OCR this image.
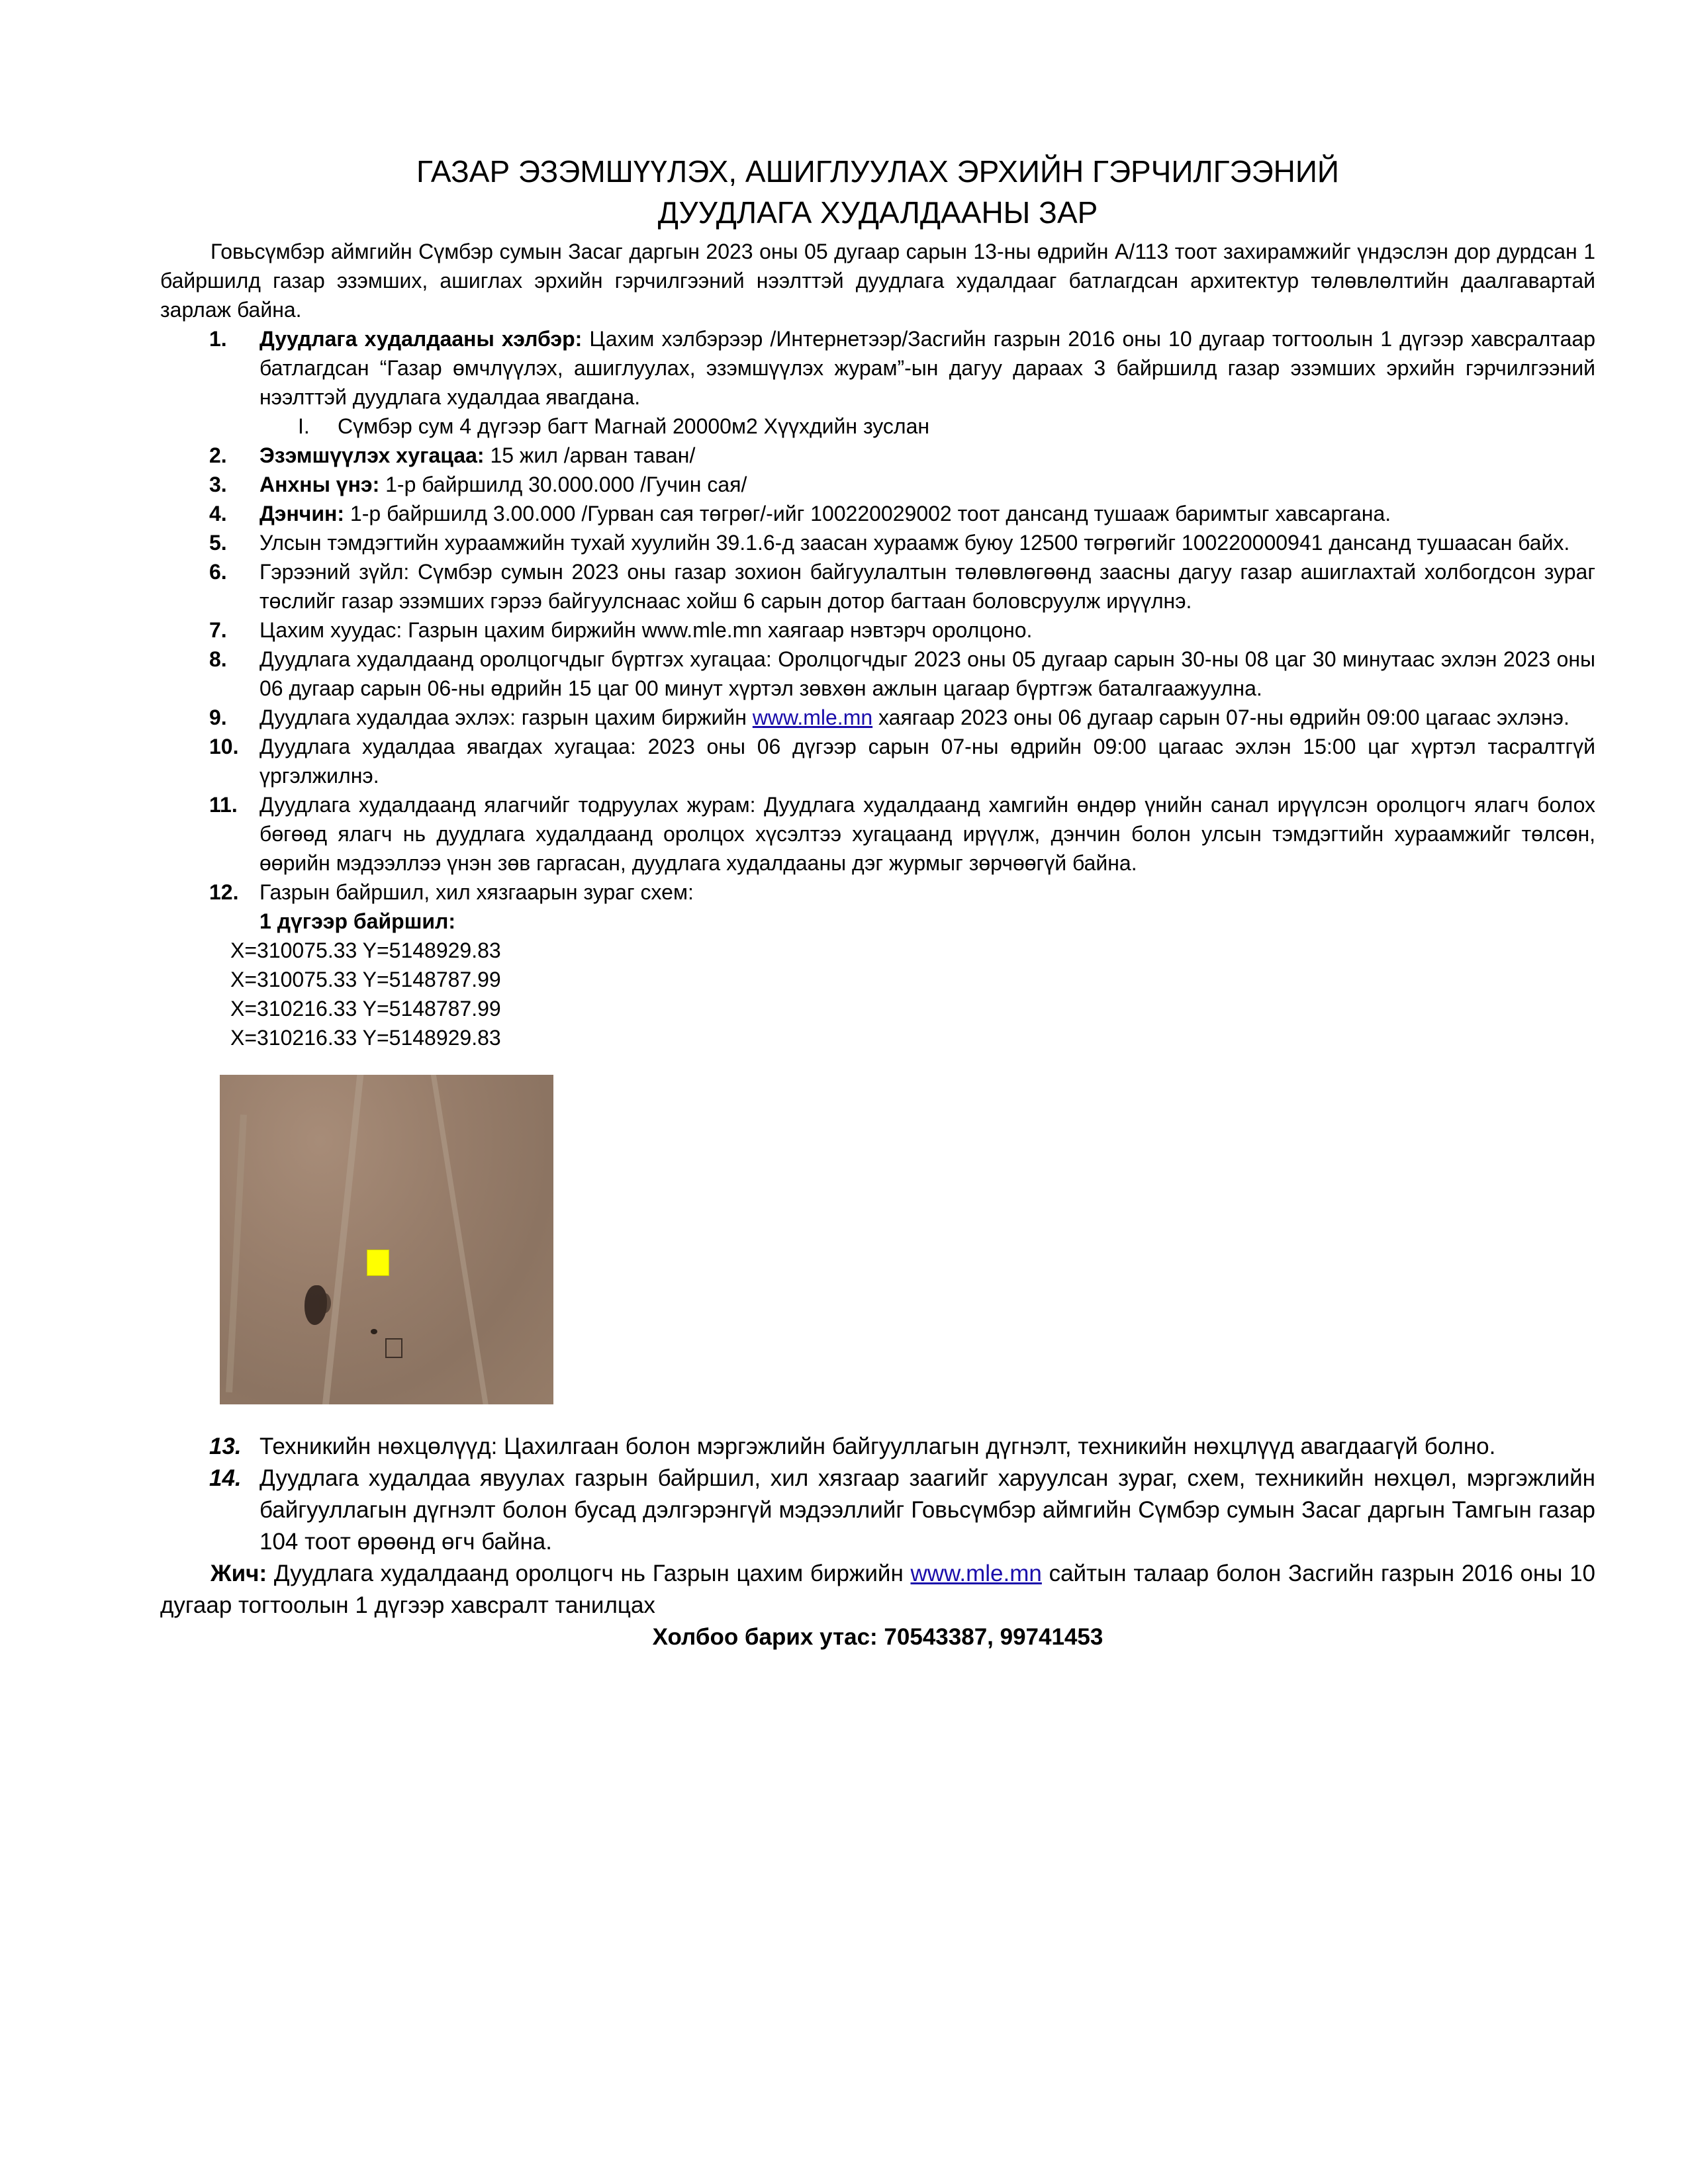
ГАЗАР ЭЗЭМШҮҮЛЭХ, АШИГЛУУЛАХ ЭРХИЙН ГЭРЧИЛГЭЭНИЙ
ДУУДЛАГА ХУДАЛДААНЫ ЗАР

Говьсүмбэр аймгийн Сүмбэр сумын Засаг даргын 2023 оны 05 дугаар сарын 13-ны өдрийн А/113 тоот захирамжийг үндэслэн дор дурдсан 1 байршилд газар эзэмших, ашиглах эрхийн гэрчилгээний нээлттэй дуудлага худалдааг батлагдсан архитектур төлөвлөлтийн даалгавартай зарлаж байна.

1. Дуудлага худалдааны хэлбэр: Цахим хэлбэрээр /Интернетээр/Засгийн газрын 2016 оны 10 дугаар тогтоолын 1 дүгээр хавсралтаар батлагдсан “Газар өмчлүүлэх, ашиглуулах, эзэмшүүлэх журам”-ын дагуу дараах 3 байршилд газар эзэмших эрхийн гэрчилгээний нээлттэй дуудлага худалдаа явагдана.
I. Сүмбэр сум 4 дүгээр багт Магнай 20000м2 Хүүхдийн зуслан
2. Эзэмшүүлэх хугацаа: 15 жил /арван таван/
3. Анхны үнэ: 1-р байршилд 30.000.000 /Гучин сая/
4. Дэнчин: 1-р байршилд 3.00.000 /Гурван сая төгрөг/-ийг 100220029002 тоот дансанд тушааж баримтыг хавсаргана.
5. Улсын тэмдэгтийн хураамжийн тухай хуулийн 39.1.6-д заасан хураамж буюу 12500 төгрөгийг 100220000941 дансанд тушаасан байх.
6. Гэрээний зүйл: Сүмбэр сумын 2023 оны газар зохион байгуулалтын төлөвлөгөөнд заасны дагуу газар ашиглахтай холбогдсон зураг төслийг газар эзэмших гэрээ байгуулснаас хойш 6 сарын дотор багтаан боловсруулж ирүүлнэ.
7. Цахим хуудас: Газрын цахим биржийн www.mle.mn хаягаар нэвтэрч оролцоно.
8. Дуудлага худалдаанд оролцогчдыг бүртгэх хугацаа: Оролцогчдыг 2023 оны 05 дугаар сарын 30-ны 08 цаг 30 минутаас эхлэн 2023 оны 06 дугаар сарын 06-ны өдрийн 15 цаг 00 минут хүртэл зөвхөн ажлын цагаар бүртгэж баталгаажуулна.
9. Дуудлага худалдаа эхлэх: газрын цахим биржийн www.mle.mn хаягаар 2023 оны 06 дугаар сарын 07-ны өдрийн 09:00 цагаас эхлэнэ.
10. Дуудлага худалдаа явагдах хугацаа: 2023 оны 06 дүгээр сарын 07-ны өдрийн 09:00 цагаас эхлэн 15:00 цаг хүртэл тасралтгүй үргэлжилнэ.
11. Дуудлага худалдаанд ялагчийг тодруулах журам: Дуудлага худалдаанд хамгийн өндөр үнийн санал ирүүлсэн оролцогч ялагч болох бөгөөд ялагч нь дуудлага худалдаанд оролцох хүсэлтээ хугацаанд ирүүлж, дэнчин болон улсын тэмдэгтийн хураамжийг төлсөн, өөрийн мэдээллээ үнэн зөв гаргасан, дуудлага худалдааны дэг журмыг зөрчөөгүй байна.
12. Газрын байршил, хил хязгаарын зураг схем:
1 дүгээр байршил:
X=310075.33 Y=5148929.83
X=310075.33 Y=5148787.99
X=310216.33 Y=5148787.99
X=310216.33 Y=5148929.83
13. Техникийн нөхцөлүүд: Цахилгаан болон мэргэжлийн байгууллагын дүгнэлт, техникийн нөхцлүүд авагдаагүй болно.
14. Дуудлага худалдаа явуулах газрын байршил, хил хязгаар заагийг харуулсан зураг, схем, техникийн нөхцөл, мэргэжлийн байгууллагын дүгнэлт болон бусад дэлгэрэнгүй мэдээллийг Говьсүмбэр аймгийн Сүмбэр сумын Засаг даргын Тамгын газар 104 тоот өрөөнд өгч байна.

Жич: Дуудлага худалдаанд оролцогч нь Газрын цахим биржийн www.mle.mn сайтын талаар болон Засгийн газрын 2016 оны 10 дугаар тогтоолын 1 дүгээр хавсралт танилцах

Холбоо барих утас: 70543387, 99741453
